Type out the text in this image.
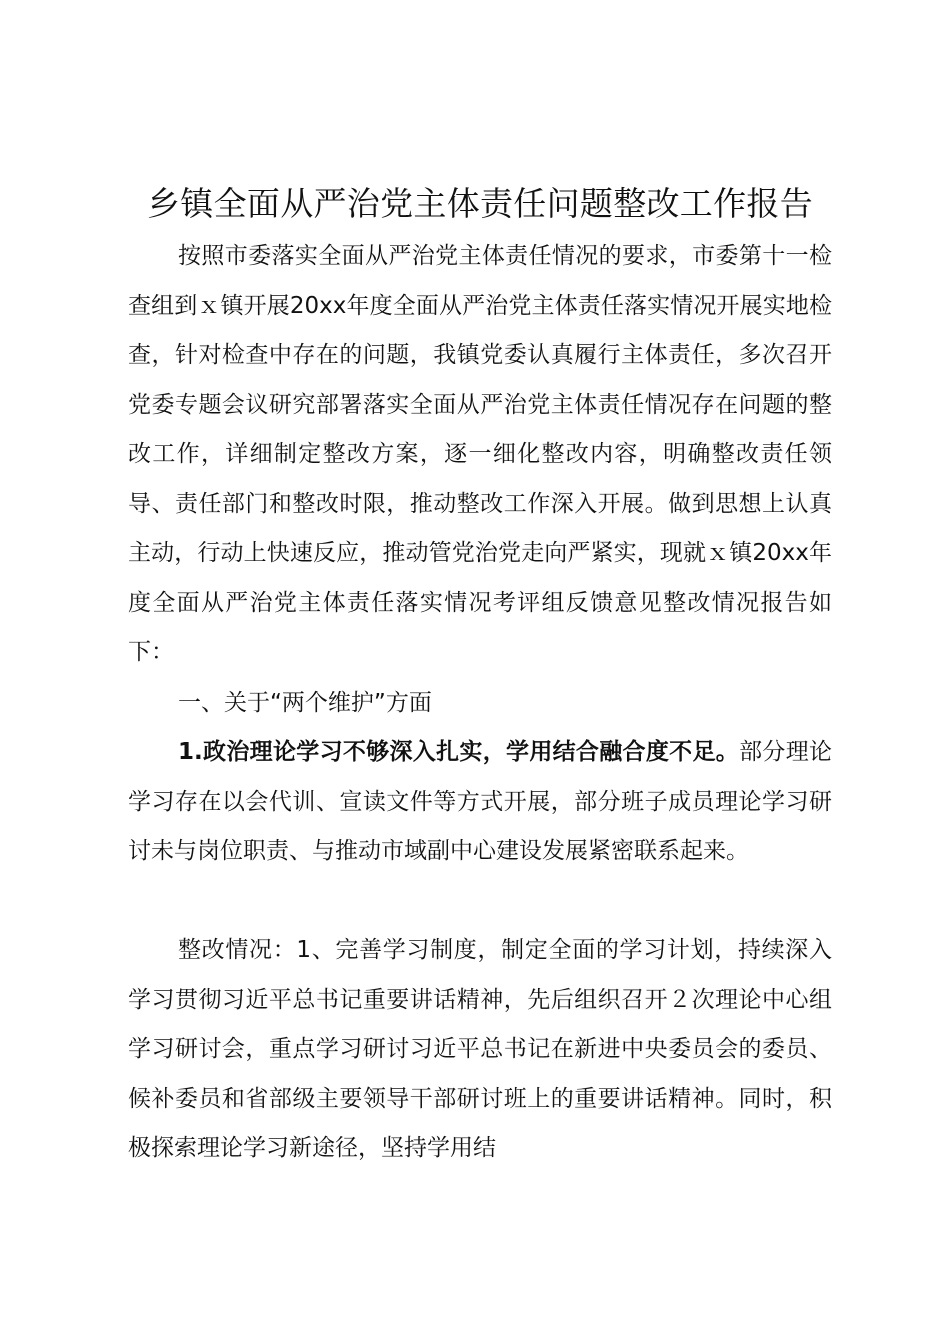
乡镇全面从严治党主体责任问题整改工作报告

按照市委落实全面从严治党主体责任情况的要求，市委第十一检查组到ｘ镇开展20xx年度全面从严治党主体责任落实情况开展实地检查，针对检查中存在的问题，我镇党委认真履行主体责任，多次召开党委专题会议研究部署落实全面从严治党主体责任情况存在问题的整改工作，详细制定整改方案，逐一细化整改内容，明确整改责任领导、责任部门和整改时限，推动整改工作深入开展。做到思想上认真主动，行动上快速反应，推动管党治党走向严紧实，现就ｘ镇20xx年度全面从严治党主体责任落实情况考评组反馈意见整改情况报告如下：

一、关于“两个维护”方面

1.政治理论学习不够深入扎实，学用结合融合度不足。部分理论学习存在以会代训、宣读文件等方式开展，部分班子成员理论学习研讨未与岗位职责、与推动市域副中心建设发展紧密联系起来。

整改情况：1、完善学习制度，制定全面的学习计划，持续深入学习贯彻习近平总书记重要讲话精神，先后组织召开２次理论中心组学习研讨会，重点学习研讨习近平总书记在新进中央委员会的委员、候补委员和省部级主要领导干部研讨班上的重要讲话精神。同时，积极探索理论学习新途径，坚持学用结
